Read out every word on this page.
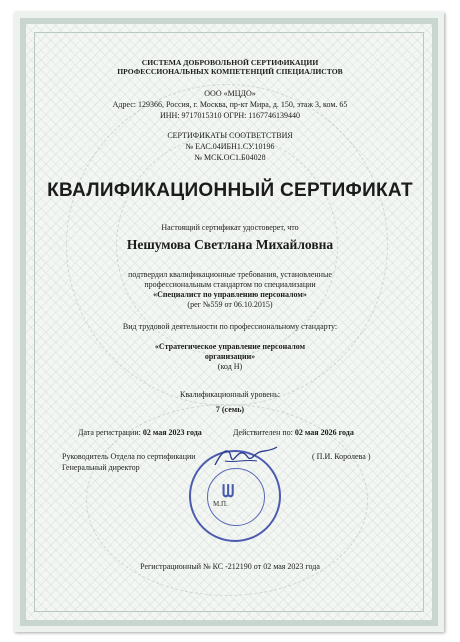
СИСТЕМА ДОБРОВОЛЬНОЙ СЕРТИФИКАЦИИ
ПРОФЕССИОНАЛЬНЫХ КОМПЕТЕНЦИЙ СПЕЦИАЛИСТОВ
ООО «МЦДО»
Адрес: 129366, Россия, г. Москва, пр-кт Мира, д. 150, этаж 3, ком. 65
ИНН: 9717015310 ОГРН: 1167746139440
СЕРТИФИКАТЫ СООТВЕТСТВИЯ
№ ЕАС.04ИБН1.СУ.10196
№ МСК.ОС1.Б04028
КВАЛИФИКАЦИОННЫЙ СЕРТИФИКАТ
Настоящий сертификат удостоверет, что
Нешумова Светлана Михайловна
подтвердил квалификационные требования, установленные
профессиональным стандартом по специализации
«Специалист по управлению персоналом»
(рег №559 от 06.10.2015)
Вид трудовой деятельности по профессиональному стандарту:
«Стратегическое управление персоналом
организации»
(код Н)
Квалификационный уровень:
7 (семь)
Дата регистрации: 02 мая 2023 года	Действителен по: 02 мая 2026 года
Руководитель Отдела по сертификации
Генеральный директор
( П.И. Королева )
ᗯ
М.П.
Регистрационный № КС -212190 от 02 мая 2023 года
